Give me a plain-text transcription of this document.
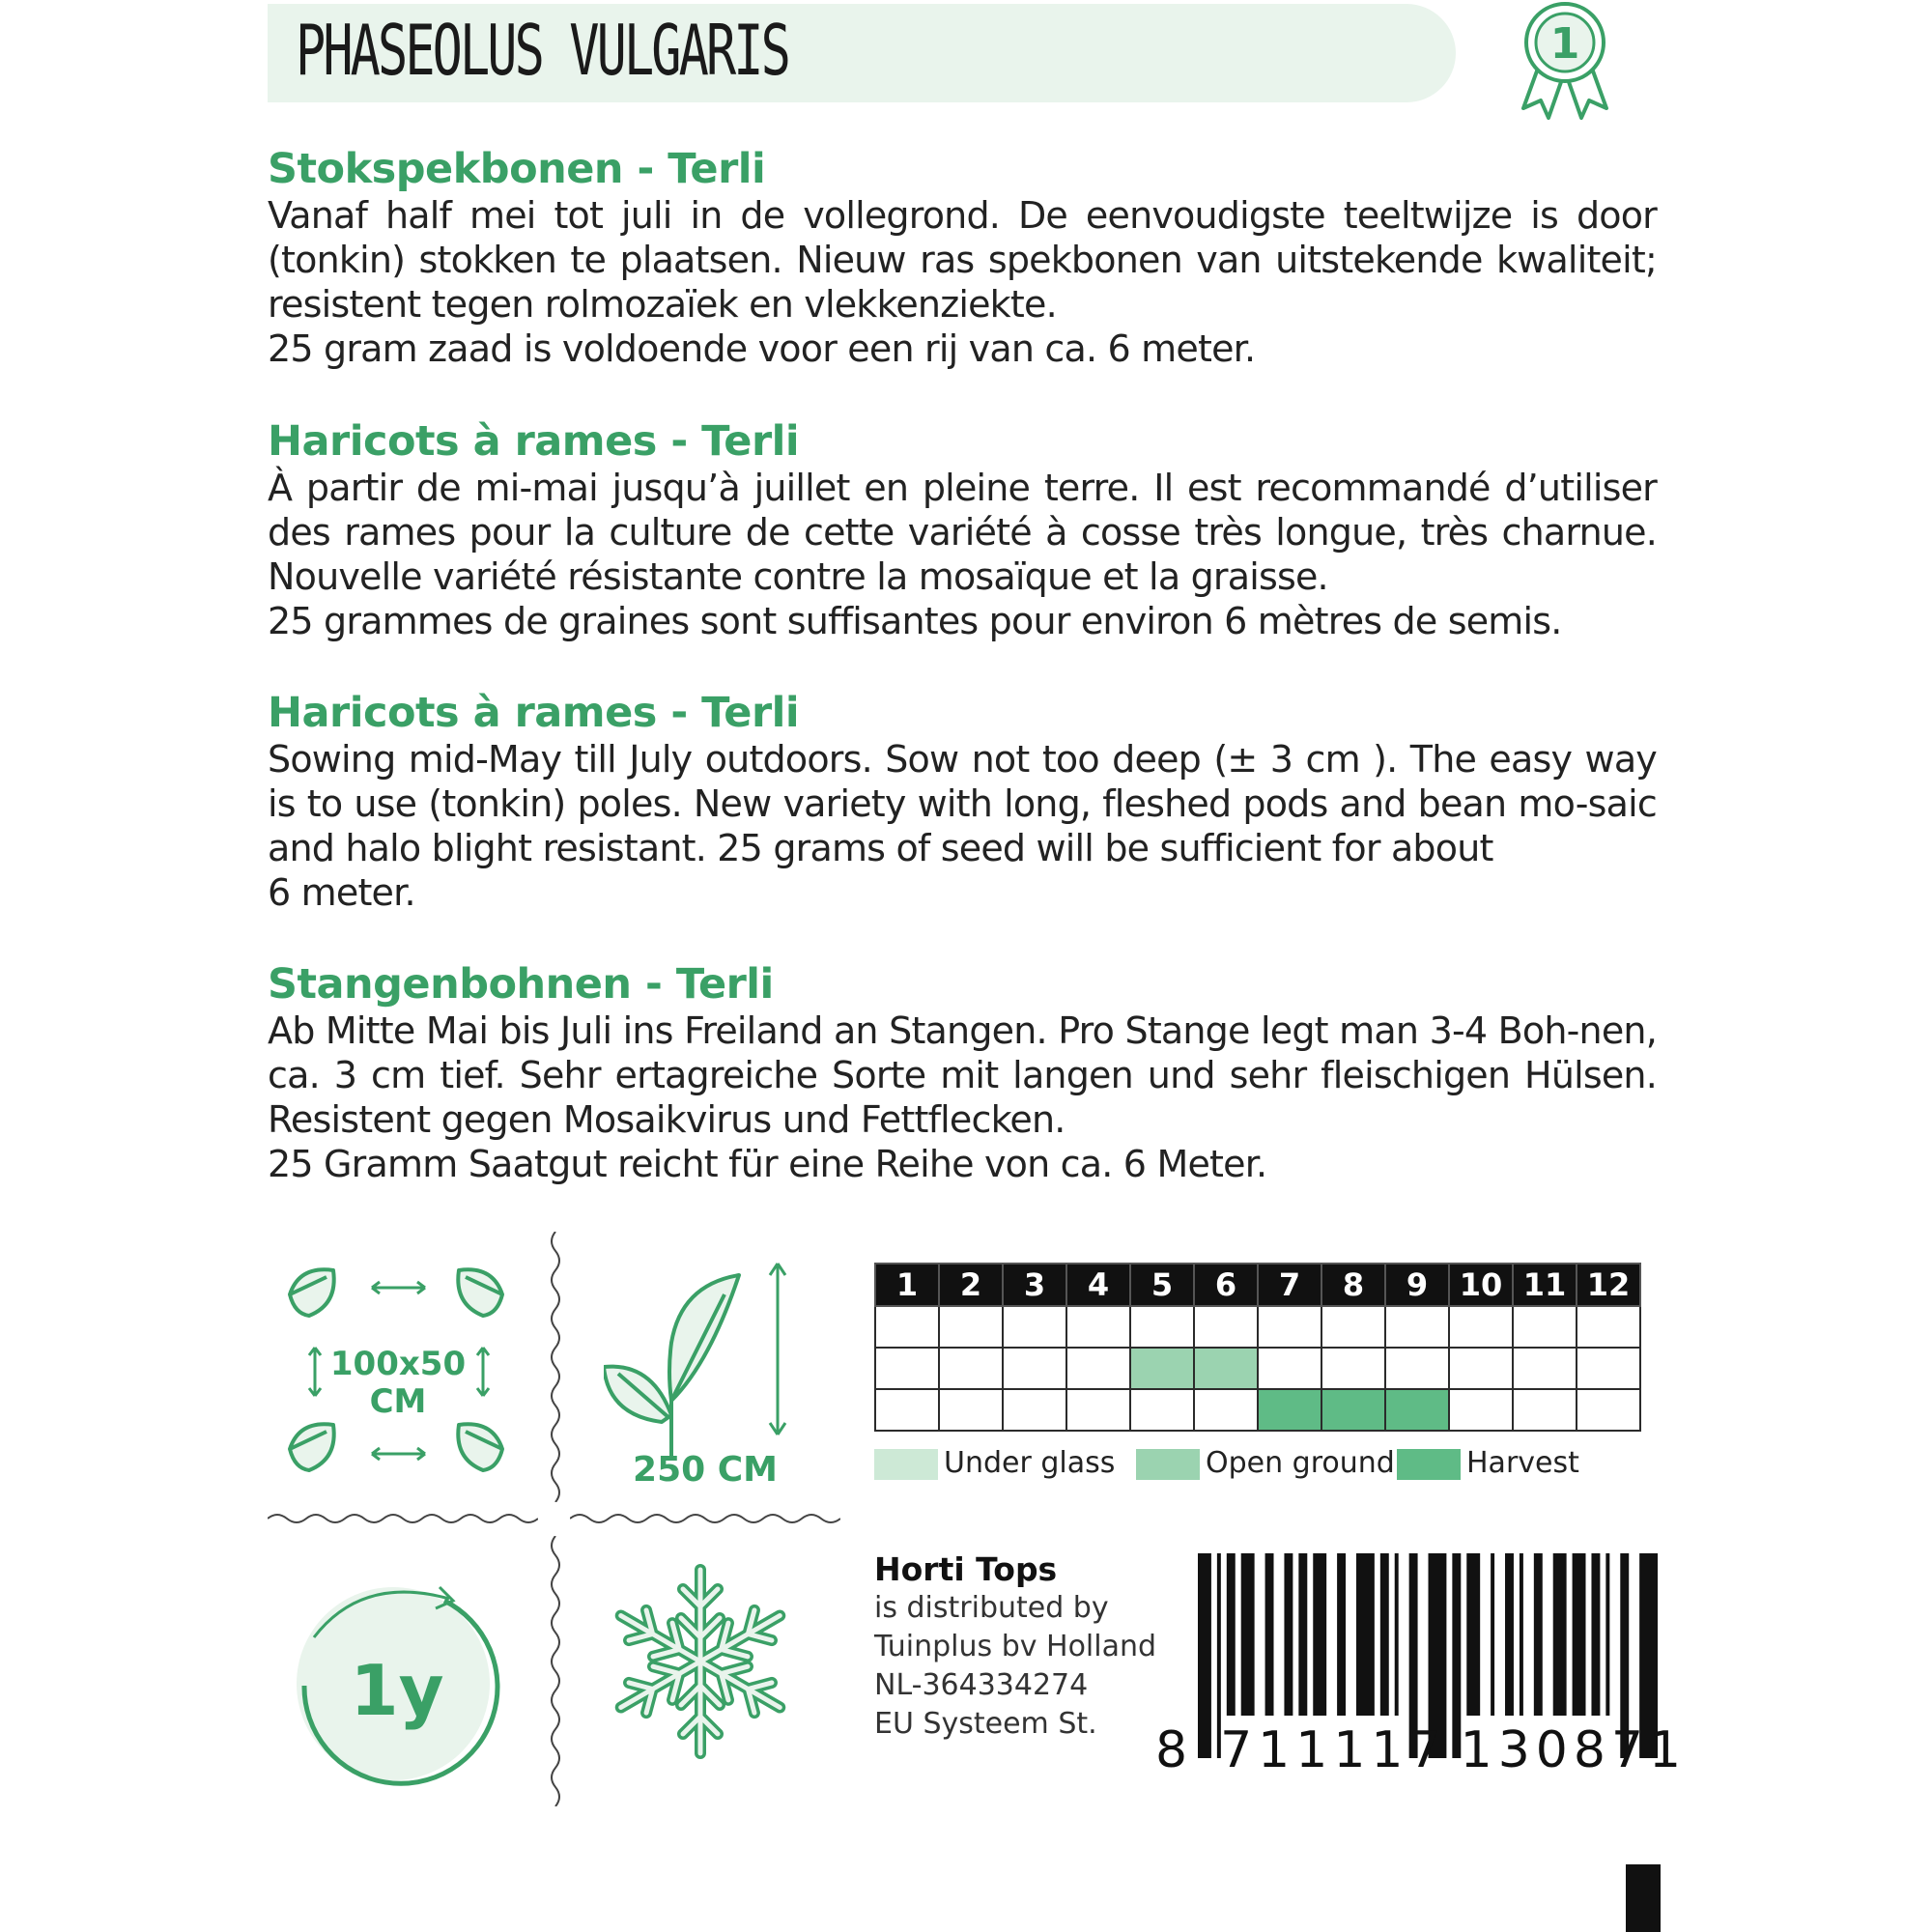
PHASEOLUS VULGARIS	1
Stokspekbonen - Terli

Vanaf half mei tot juli in de vollegrond. De eenvoudigste teeltwijze is door (tonkin) stokken te plaatsen. Nieuw ras spekbonen van uitstekende kwaliteit; resistent tegen rolmozaïek en vlekkenziekte.
25 gram zaad is voldoende voor een rij van ca. 6 meter.

Haricots à rames - Terli

À partir de mi-mai jusqu’à juillet en pleine terre. Il est recommandé d’utiliser des rames pour la culture de cette variété à cosse très longue, très charnue. Nouvelle variété résistante contre la mosaïque et la graisse.
25 grammes de graines sont suffisantes pour environ 6 mètres de semis.

Haricots à rames - Terli

Sowing mid-May till July outdoors. Sow not too deep (± 3 cm ). The easy way is to use (tonkin) poles. New variety with long, fleshed pods and bean mo-saic and halo blight resistant. 25 grams of seed will be sufficient for about
6 meter.

Stangenbohnen - Terli

Ab Mitte Mai bis Juli ins Freiland an Stangen. Pro Stange legt man 3-4 Boh-nen, ca. 3 cm tief. Sehr ertagreiche Sorte mit langen und sehr fleischigen Hülsen. Resistent gegen Mosaikvirus und Fettflecken.
25 Gramm Saatgut reicht für eine Reihe von ca. 6 Meter.

100x50
CM
250 CM
1y
1	2	3	4	5	6	7	8	9	10	11	12

Under glass	Open ground	Harvest
Horti Tops
is distributed by
Tuinplus bv Holland
NL-364334274
EU Systeem St.	8 711117 130871
